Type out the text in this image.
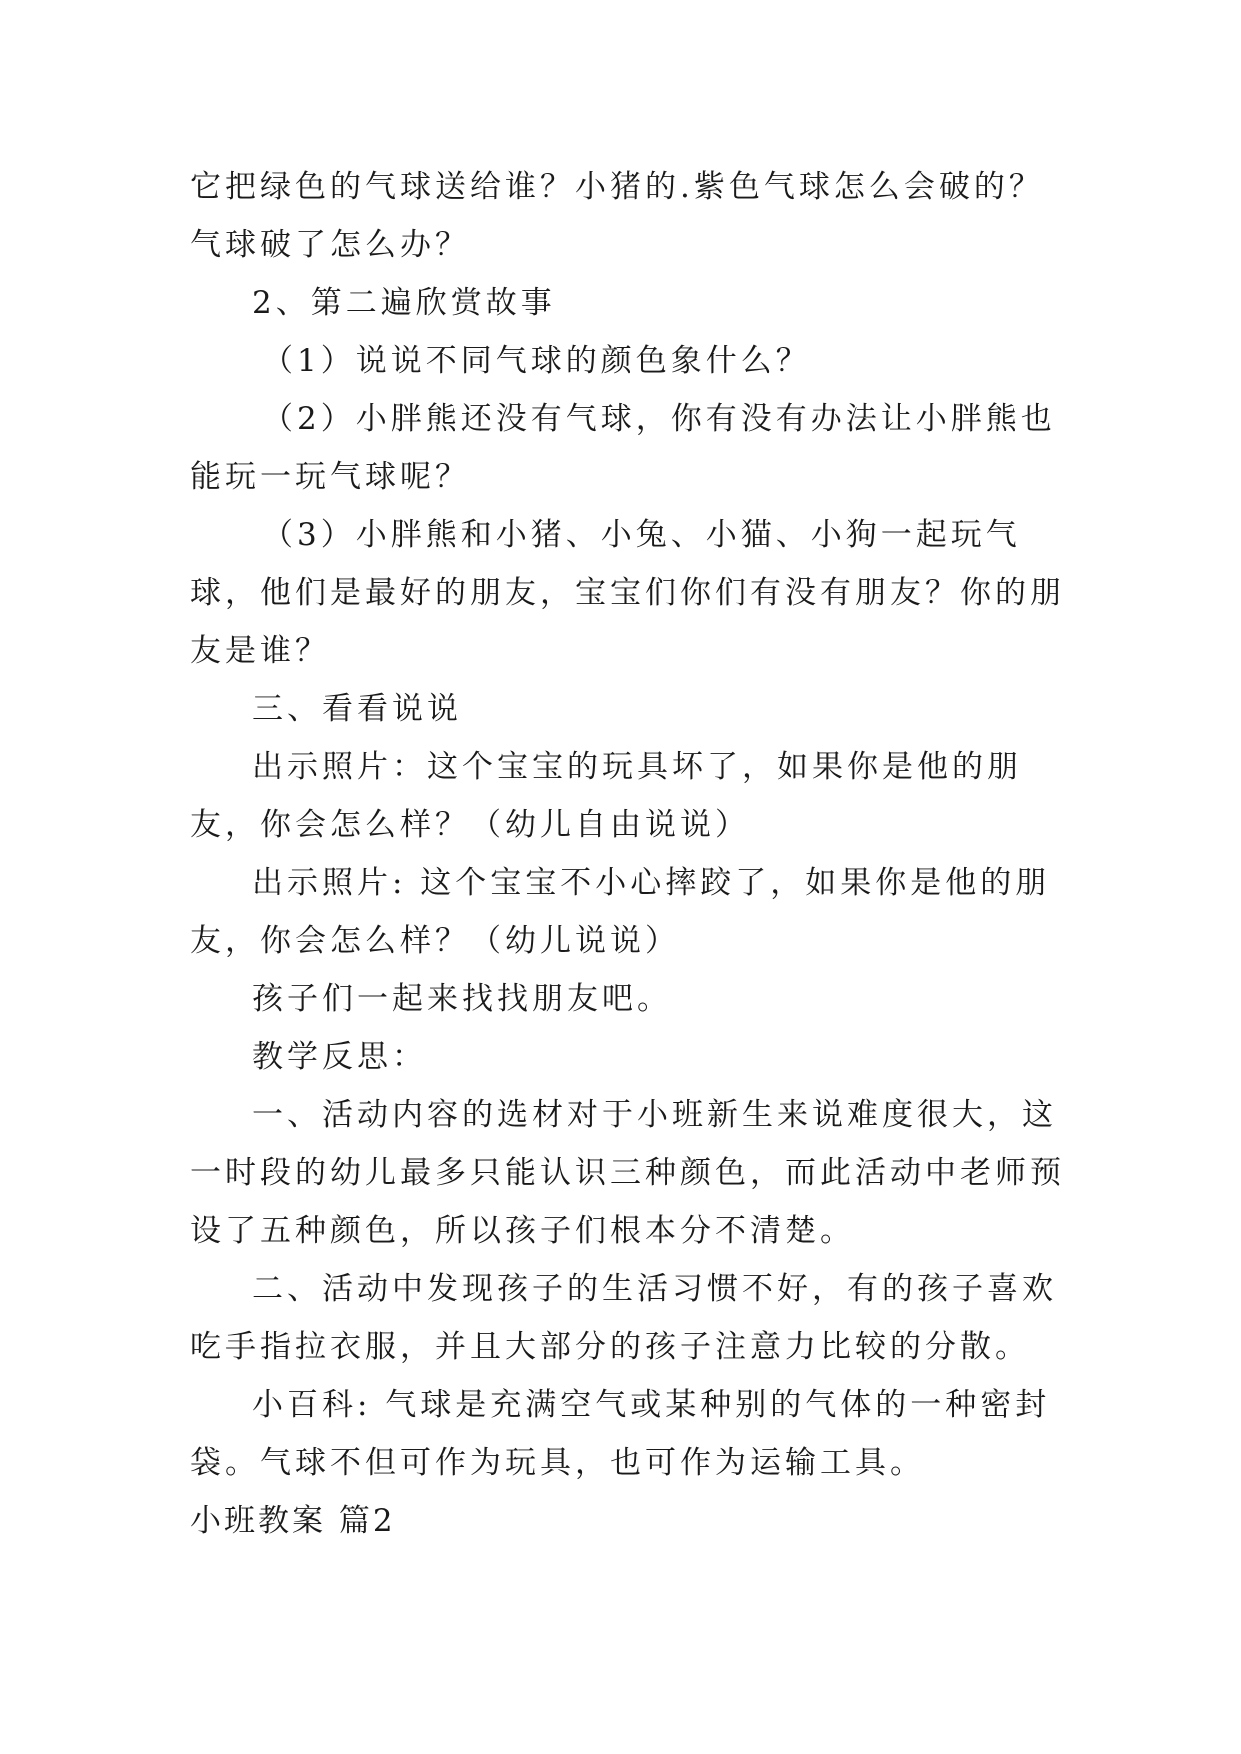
它把绿色的气球送给谁？小猪的.紫色气球怎么会破的？气球破了怎么办？

2、第二遍欣赏故事

（1）说说不同气球的颜色象什么？

（2）小胖熊还没有气球，你有没有办法让小胖熊也能玩一玩气球呢？

（3）小胖熊和小猪、小兔、小猫、小狗一起玩气球，他们是最好的朋友，宝宝们你们有没有朋友？你的朋友是谁？

三、看看说说

出示照片：这个宝宝的玩具坏了，如果你是他的朋友，你会怎么样？（幼儿自由说说）

出示照片: 这个宝宝不小心摔跤了，如果你是他的朋友，你会怎么样？（幼儿说说）

孩子们一起来找找朋友吧。

教学反思：

一、活动内容的选材对于小班新生来说难度很大，这一时段的幼儿最多只能认识三种颜色，而此活动中老师预设了五种颜色，所以孩子们根本分不清楚。

二、活动中发现孩子的生活习惯不好，有的孩子喜欢吃手指拉衣服，并且大部分的孩子注意力比较的分散。

小百科: 气球是充满空气或某种别的气体的一种密封袋。气球不但可作为玩具，也可作为运输工具。

小班教案 篇2
